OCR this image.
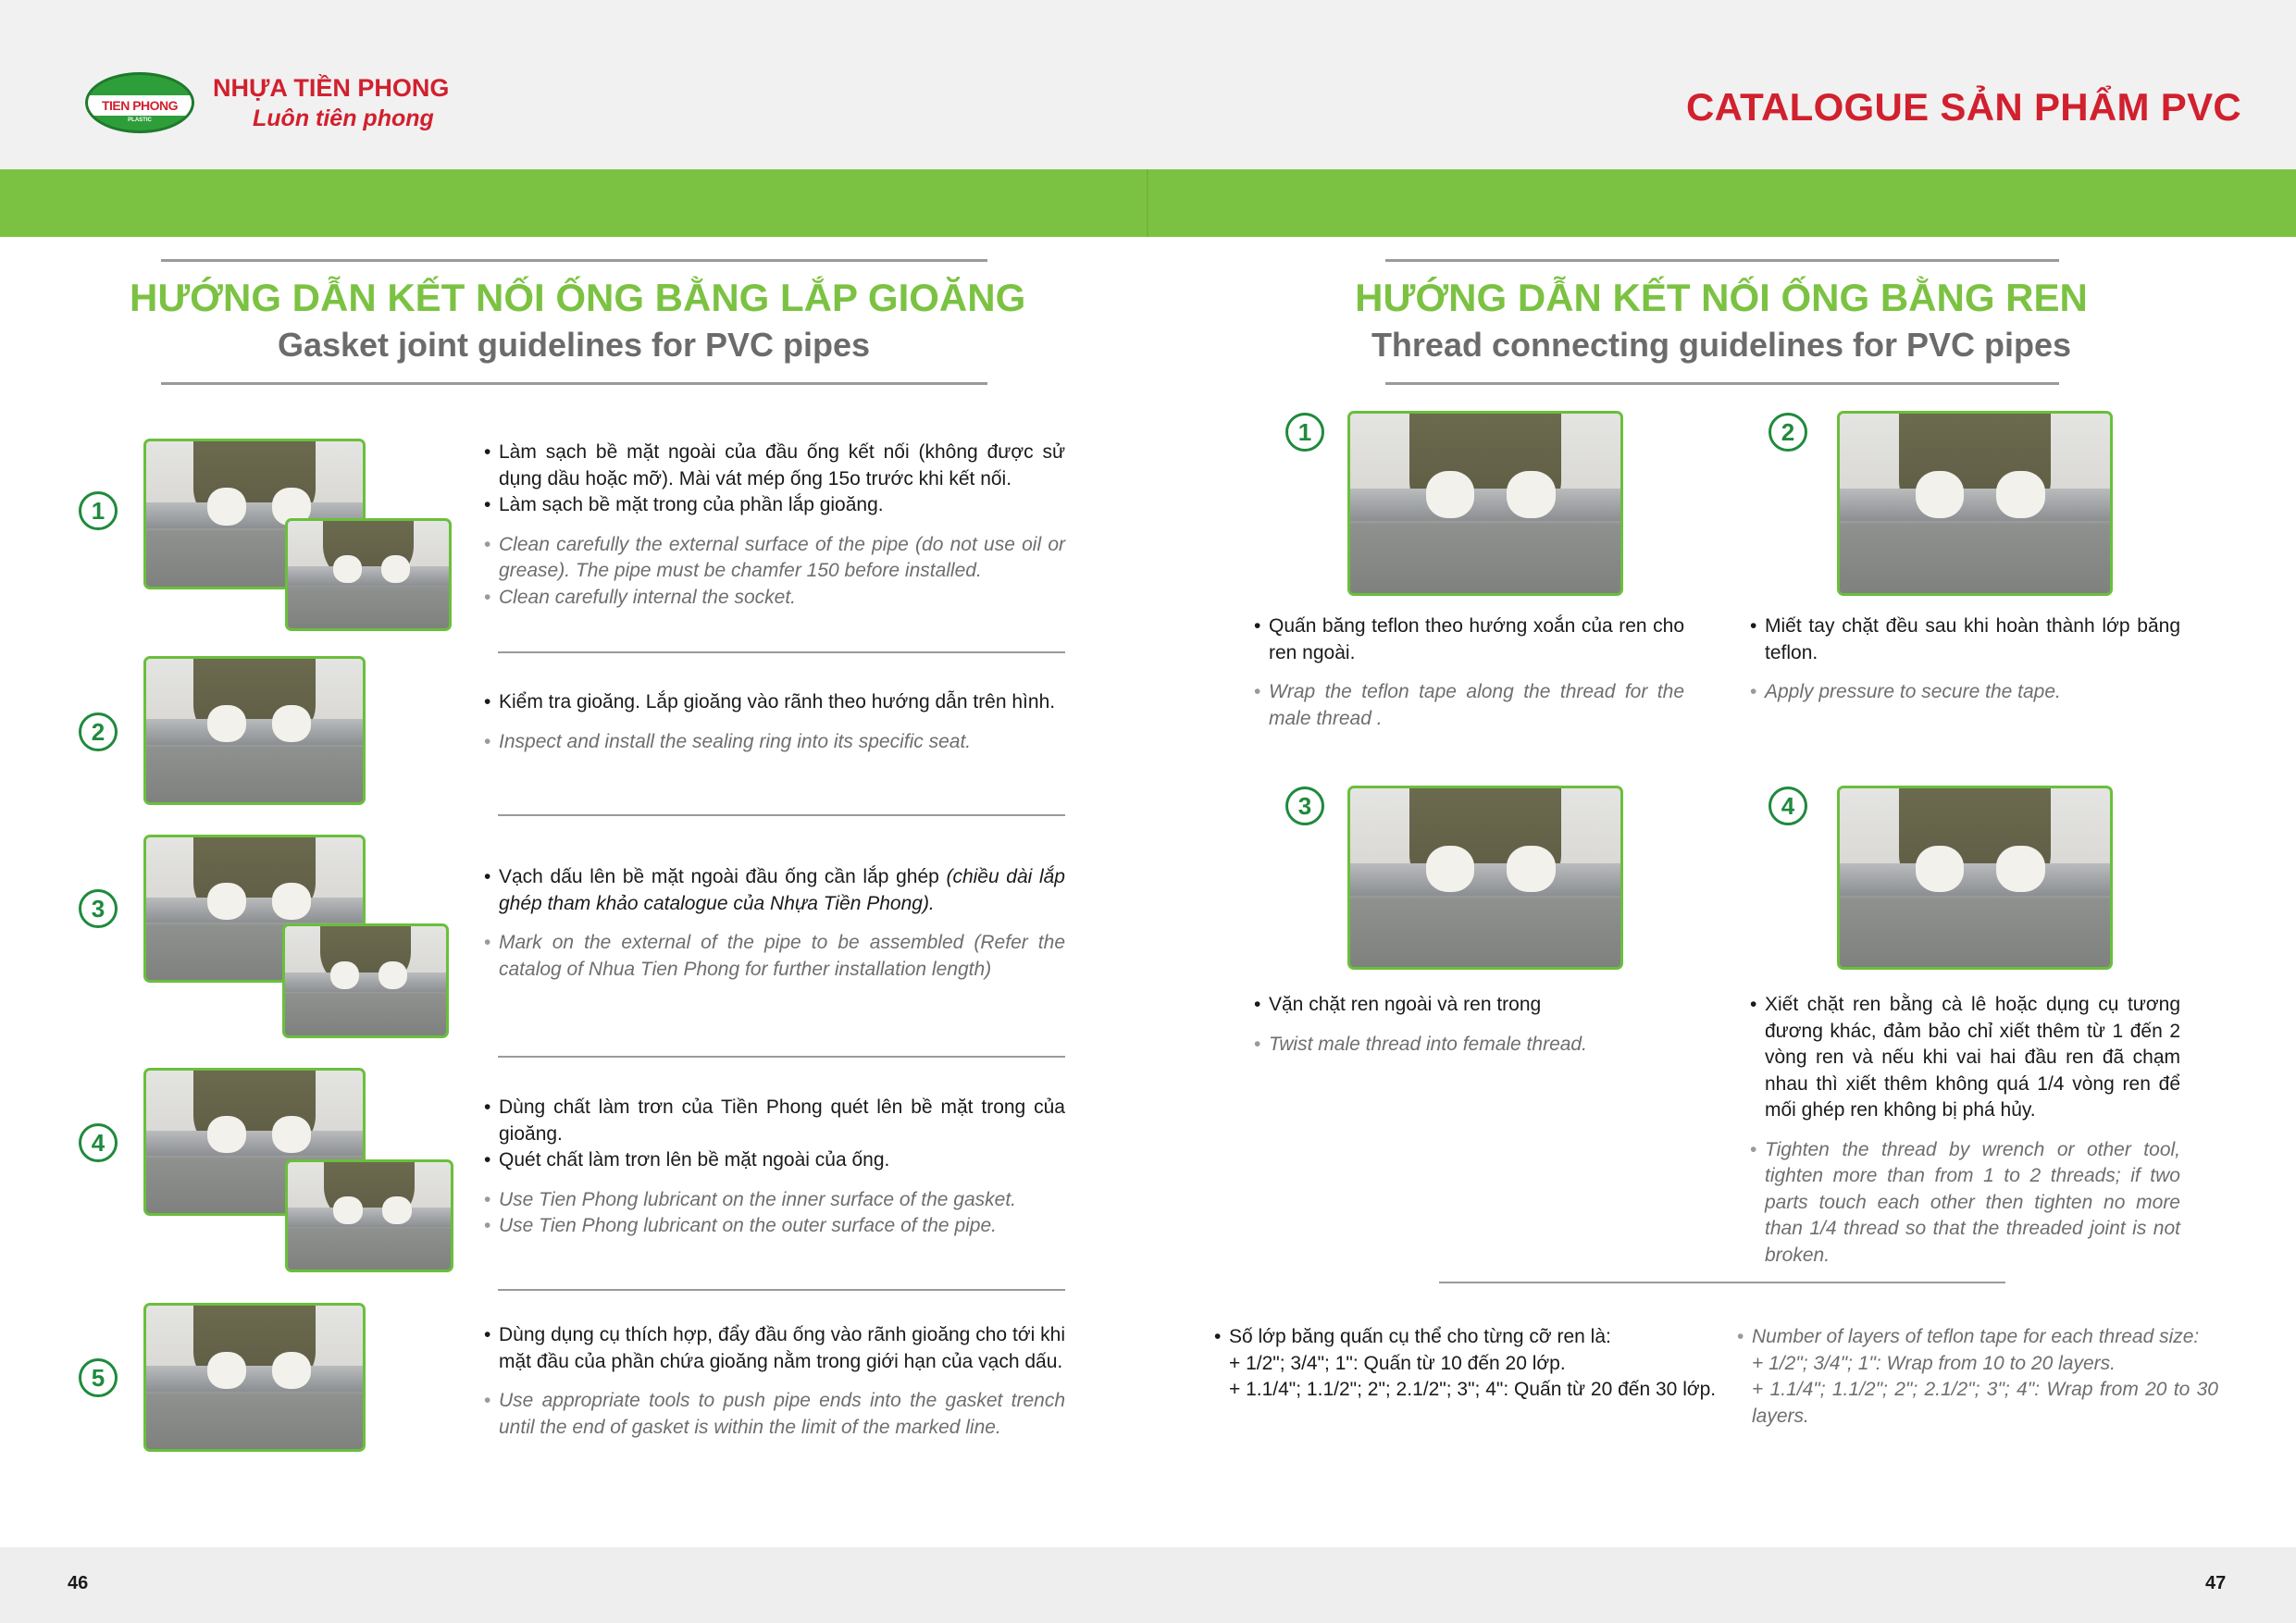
TIEN PHONG
PLASTIC
NHỰA TIỀN PHONG
Luôn tiên phong	CATALOGUE SẢN PHẨM PVC
HƯỚNG DẪN KẾT NỐI ỐNG BẰNG LẮP GIOĂNG
Gasket joint guidelines for PVC pipes
HƯỚNG DẪN KẾT NỐI ỐNG BẰNG REN
Thread connecting guidelines for PVC pipes
1
• Làm sạch bề mặt ngoài của đầu ống kết nối (không được sử dụng dầu hoặc mỡ). Mài vát mép ống 15o trước khi kết nối.
• Làm sạch bề mặt trong của phần lắp gioăng.
• Clean carefully the external surface of the pipe (do not use oil or grease). The pipe must be chamfer 150 before installed.
• Clean carefully internal the socket.
2
• Kiểm tra gioăng. Lắp gioăng vào rãnh theo hướng dẫn trên hình.
• Inspect and install the sealing ring into its specific seat.
3
• Vạch dấu lên bề mặt ngoài đầu ống cần lắp ghép (chiều dài lắp ghép tham khảo catalogue của Nhựa Tiền Phong).
• Mark on the external of the pipe to be assembled (Refer the catalog of Nhua Tien Phong for further installation length)
4
• Dùng chất làm trơn của Tiền Phong quét lên bề mặt trong của gioăng.
• Quét chất làm trơn lên bề mặt ngoài của ống.
• Use Tien Phong lubricant on the inner surface of the gasket.
• Use Tien Phong lubricant on the outer surface of the pipe.
5
• Dùng dụng cụ thích hợp, đẩy đầu ống vào rãnh gioăng cho tới khi mặt đầu của phần chứa gioăng nằm trong giới hạn của vạch dấu.
• Use appropriate tools to push pipe ends into the gasket trench until the end of gasket is within the limit of the marked line.
1
• Quấn băng teflon theo hướng xoắn của ren cho ren ngoài.
• Wrap the teflon tape along the thread for the male thread .
2
• Miết tay chặt đều sau khi hoàn thành lớp băng teflon.
• Apply pressure to secure the tape.
3
• Vặn chặt ren ngoài và ren trong
• Twist male thread into female thread.
4
• Xiết chặt ren bằng cà lê hoặc dụng cụ tương đương khác, đảm bảo chỉ xiết thêm từ 1 đến 2 vòng ren và nếu khi vai hai đầu ren đã chạm nhau thì xiết thêm không quá 1/4 vòng ren để mối ghép ren không bị phá hủy.
• Tighten the thread by wrench or other tool, tighten more than from 1 to 2 threads; if two parts touch each other then tighten no more than 1/4 thread so that the threaded joint is not broken.
• Số lớp băng quấn cụ thể cho từng cỡ ren là:
+ 1/2"; 3/4"; 1": Quấn từ 10 đến 20 lớp.
+ 1.1/4"; 1.1/2"; 2"; 2.1/2"; 3"; 4": Quấn từ 20 đến 30 lớp.
• Number of layers of teflon tape for each thread size:
+ 1/2"; 3/4"; 1": Wrap from 10 to 20 layers.
+ 1.1/4"; 1.1/2"; 2"; 2.1/2"; 3"; 4": Wrap from 20 to 30 layers.
46	47
